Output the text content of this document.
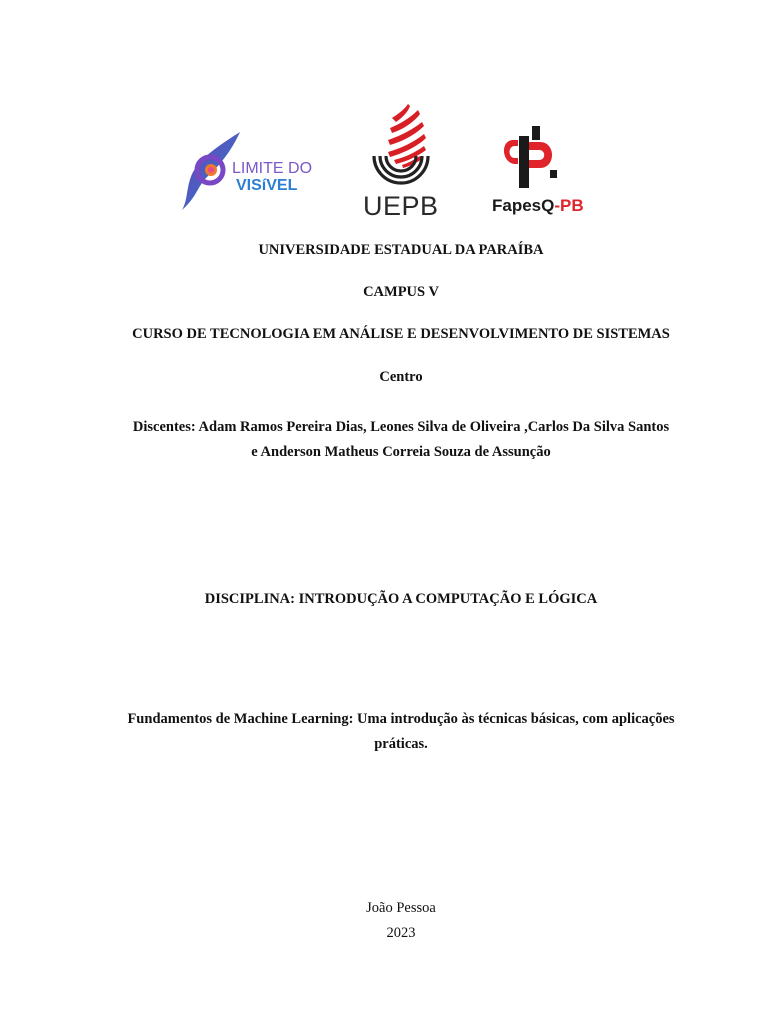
LIMITE DO
VISíVEL
UEPB	FapesQ-PB
UNIVERSIDADE ESTADUAL DA PARAÍBA
CAMPUS V
CURSO DE TECNOLOGIA EM ANÁLISE E DESENVOLVIMENTO DE SISTEMAS
Centro
Discentes: Adam Ramos Pereira Dias, Leones Silva de Oliveira ,Carlos Da Silva Santos
e Anderson Matheus Correia Souza de Assunção
DISCIPLINA: INTRODUÇÃO A COMPUTAÇÃO E LÓGICA
Fundamentos de Machine Learning: Uma introdução às técnicas básicas, com aplicações
práticas.
João Pessoa
2023
